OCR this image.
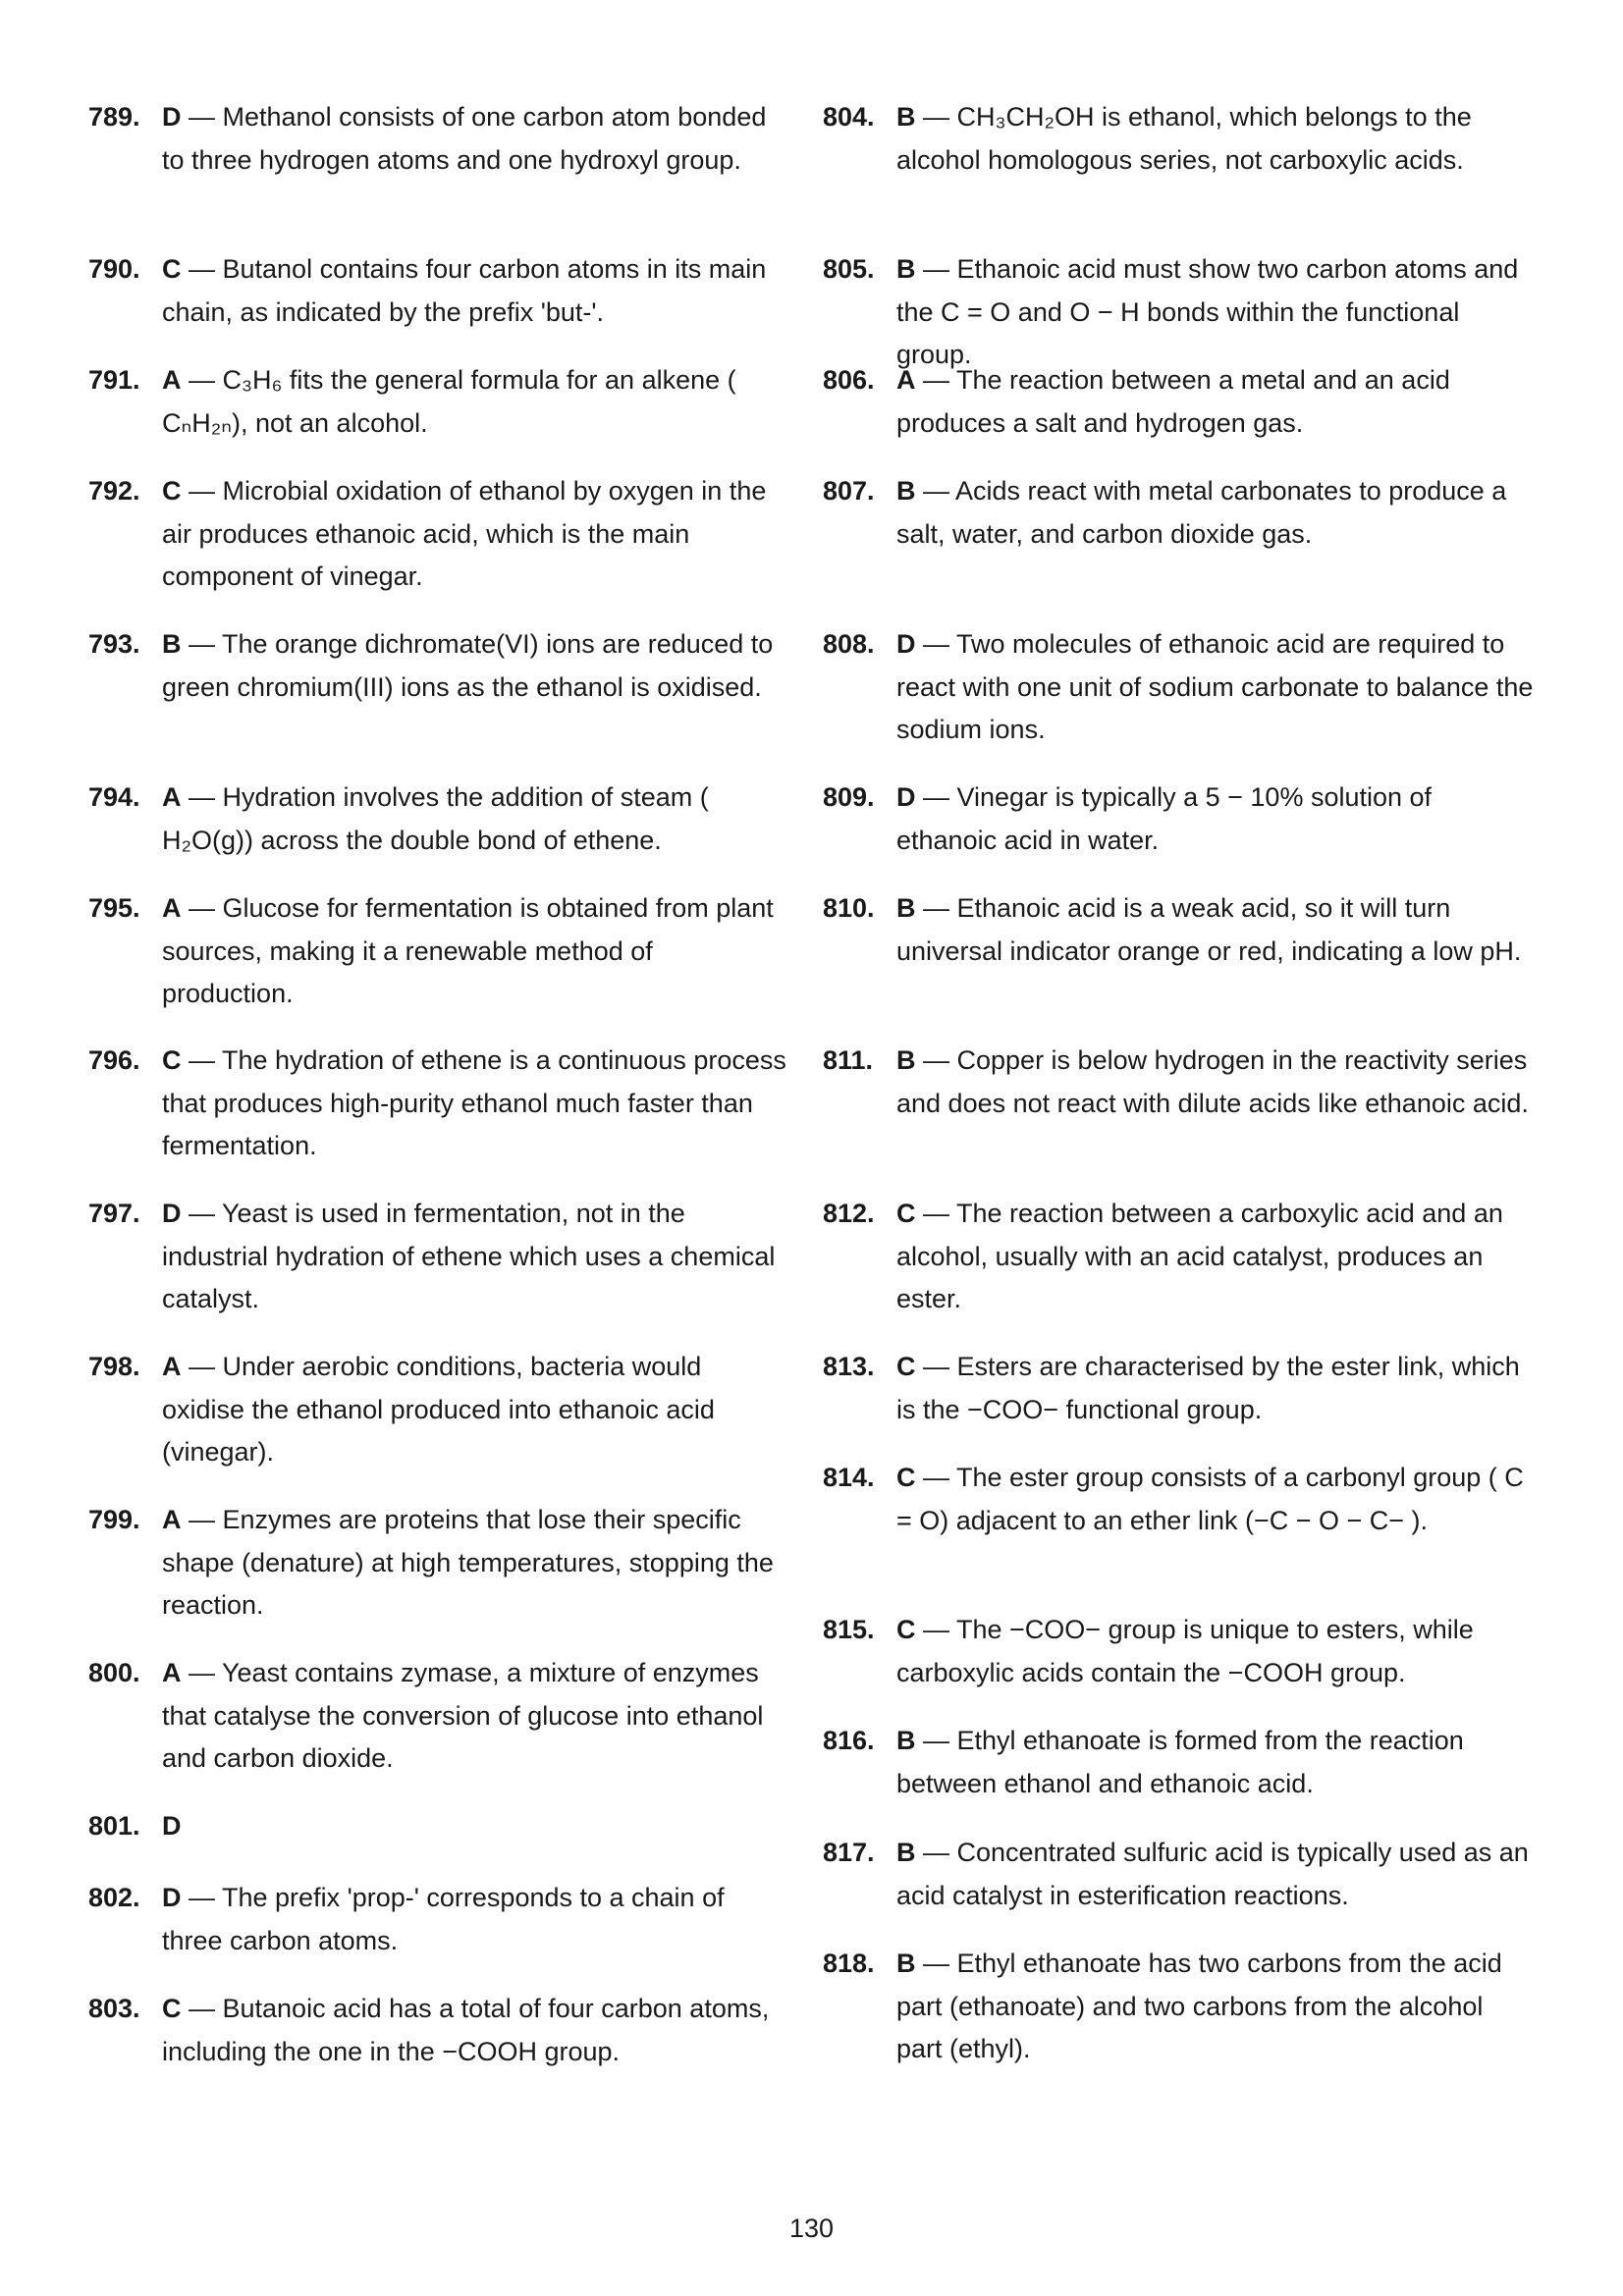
789. D — Methanol consists of one carbon atom bonded to three hydrogen atoms and one hydroxyl group.
790. C — Butanol contains four carbon atoms in its main chain, as indicated by the prefix 'but-'.
791. A — C₃H₆ fits the general formula for an alkene ( CₙH₂ₙ), not an alcohol.
792. C — Microbial oxidation of ethanol by oxygen in the air produces ethanoic acid, which is the main component of vinegar.
793. B — The orange dichromate(VI) ions are reduced to green chromium(III) ions as the ethanol is oxidised.
794. A — Hydration involves the addition of steam ( H₂O(g)) across the double bond of ethene.
795. A — Glucose for fermentation is obtained from plant sources, making it a renewable method of production.
796. C — The hydration of ethene is a continuous process that produces high-purity ethanol much faster than fermentation.
797. D — Yeast is used in fermentation, not in the industrial hydration of ethene which uses a chemical catalyst.
798. A — Under aerobic conditions, bacteria would oxidise the ethanol produced into ethanoic acid (vinegar).
799. A — Enzymes are proteins that lose their specific shape (denature) at high temperatures, stopping the reaction.
800. A — Yeast contains zymase, a mixture of enzymes that catalyse the conversion of glucose into ethanol and carbon dioxide.
801. D
802. D — The prefix 'prop-' corresponds to a chain of three carbon atoms.
803. C — Butanoic acid has a total of four carbon atoms, including the one in the −COOH group.
804. B — CH₃CH₂OH is ethanol, which belongs to the alcohol homologous series, not carboxylic acids.
805. B — Ethanoic acid must show two carbon atoms and the C = O and O − H bonds within the functional group.
806. A — The reaction between a metal and an acid produces a salt and hydrogen gas.
807. B — Acids react with metal carbonates to produce a salt, water, and carbon dioxide gas.
808. D — Two molecules of ethanoic acid are required to react with one unit of sodium carbonate to balance the sodium ions.
809. D — Vinegar is typically a 5 − 10% solution of ethanoic acid in water.
810. B — Ethanoic acid is a weak acid, so it will turn universal indicator orange or red, indicating a low pH.
811. B — Copper is below hydrogen in the reactivity series and does not react with dilute acids like ethanoic acid.
812. C — The reaction between a carboxylic acid and an alcohol, usually with an acid catalyst, produces an ester.
813. C — Esters are characterised by the ester link, which is the −COO− functional group.
814. C — The ester group consists of a carbonyl group ( C = O) adjacent to an ether link (−C − O − C− ).
815. C — The −COO− group is unique to esters, while carboxylic acids contain the −COOH group.
816. B — Ethyl ethanoate is formed from the reaction between ethanol and ethanoic acid.
817. B — Concentrated sulfuric acid is typically used as an acid catalyst in esterification reactions.
818. B — Ethyl ethanoate has two carbons from the acid part (ethanoate) and two carbons from the alcohol part (ethyl).
130
